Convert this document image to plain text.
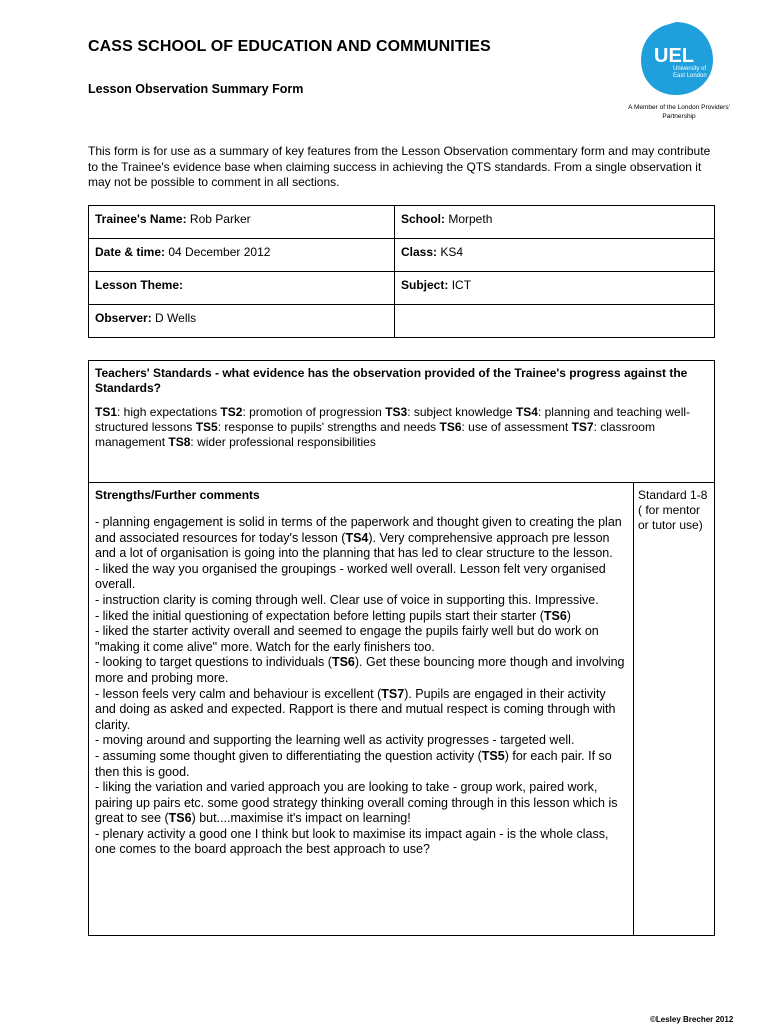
CASS SCHOOL OF EDUCATION AND COMMUNITIES
Lesson Observation Summary Form
UEL
University of
East London
A Member of the London Providers'
Partnership
This form is for use as a summary of key features from the Lesson Observation commentary form and may contribute to the Trainee's evidence base when claiming success in achieving the QTS standards. From a single observation it may not be possible to comment in all sections.
Trainee's Name: Rob Parker	School: Morpeth
Date & time: 04 December 2012	Class: KS4
Lesson Theme:	Subject: ICT
Observer: D Wells	
Teachers' Standards - what evidence has the observation provided of the Trainee's progress against the Standards?
TS1: high expectations TS2: promotion of progression TS3: subject knowledge TS4: planning and teaching well-structured lessons TS5: response to pupils' strengths and needs TS6: use of assessment TS7: classroom management TS8: wider professional responsibilities

Strengths/Further comments
- planning engagement is solid in terms of the paperwork and thought given to creating the plan and associated resources for today's lesson (TS4). Very comprehensive approach pre lesson and a lot of organisation is going into the planning that has led to clear structure to the lesson.
- liked the way you organised the groupings - worked well overall. Lesson felt very organised overall.
- instruction clarity is coming through well. Clear use of voice in supporting this. Impressive.
- liked the initial questioning of expectation before letting pupils start their starter (TS6)
- liked the starter activity overall and seemed to engage the pupils fairly well but do work on "making it come alive" more. Watch for the early finishers too.
- looking to target questions to individuals (TS6). Get these bouncing more though and involving more and probing more.
- lesson feels very calm and behaviour is excellent (TS7). Pupils are engaged in their activity and doing as asked and expected. Rapport is there and mutual respect is coming through with clarity.
- moving around and supporting the learning well as activity progresses - targeted well.
- assuming some thought given to differentiating the question activity (TS5) for each pair. If so then this is good.
- liking the variation and varied approach you are looking to take - group work, paired work, pairing up pairs etc. some good strategy thinking overall coming through in this lesson which is great to see (TS6) but....maximise it's impact on learning!
- plenary activity a good one I think but look to maximise its impact again - is the whole class, one comes to the board approach the best approach to use?
	Standard 1-8 ( for mentor or tutor use)
©Lesley Brecher 2012
